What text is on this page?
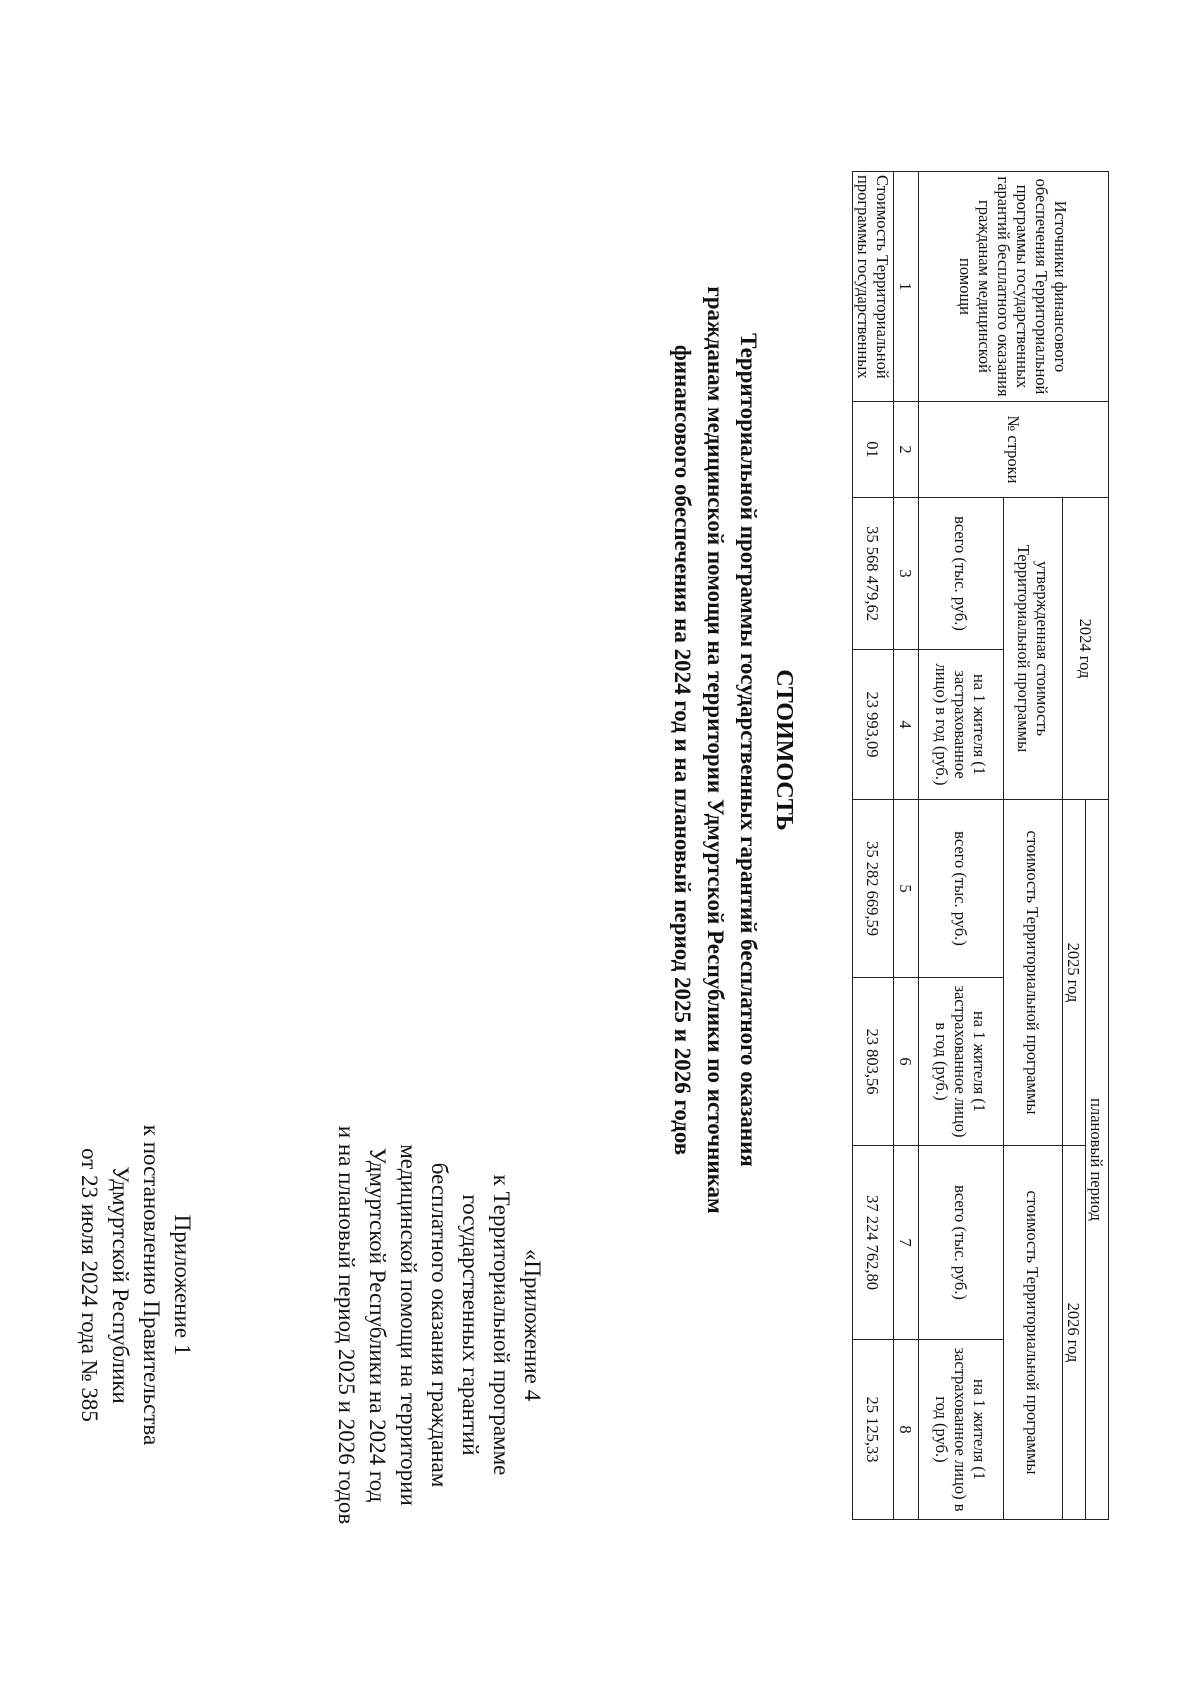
Приложение 1
к постановлению Правительства
Удмуртской Республики
от 23 июля 2024 года № 385	«Приложение 4
к Территориальной программе
государственных гарантий
бесплатного оказания гражданам
медицинской помощи на территории
Удмуртской Республики на 2024 год
и на плановый период 2025 и 2026 годов
СТОИМОСТЬ
Территориальной программы государственных гарантий бесплатного оказания
гражданам медицинской помощи на территории Удмуртской Республики по источникам
финансового обеспечения на 2024 год и на плановый период 2025 и 2026 годов
Источники финансового обеспечения Территориальной программы государственных гарантий бесплатного оказания гражданам медицинской помощи	№ строки	2024 год		плановый период			
				2025 год		2026 год	
		утвержденная стоимость Территориальной программы		стоимость Территориальной программы		стоимость Территориальной программы	
		всего (тыс. руб.)	на 1 жителя (1 застрахованное лицо) в год (руб.)	всего (тыс. руб.)	на 1 жителя (1 застрахованное лицо) в год (руб.)	всего (тыс. руб.)	на 1 жителя (1 застрахованное лицо) в год (руб.)
1	2	3	4	5	6	7	8
Стоимость Территориальной программы государственных	01	35 568 479,62	23 993,09	35 282 669,59	23 803,56	37 224 762,80	25 125,33
